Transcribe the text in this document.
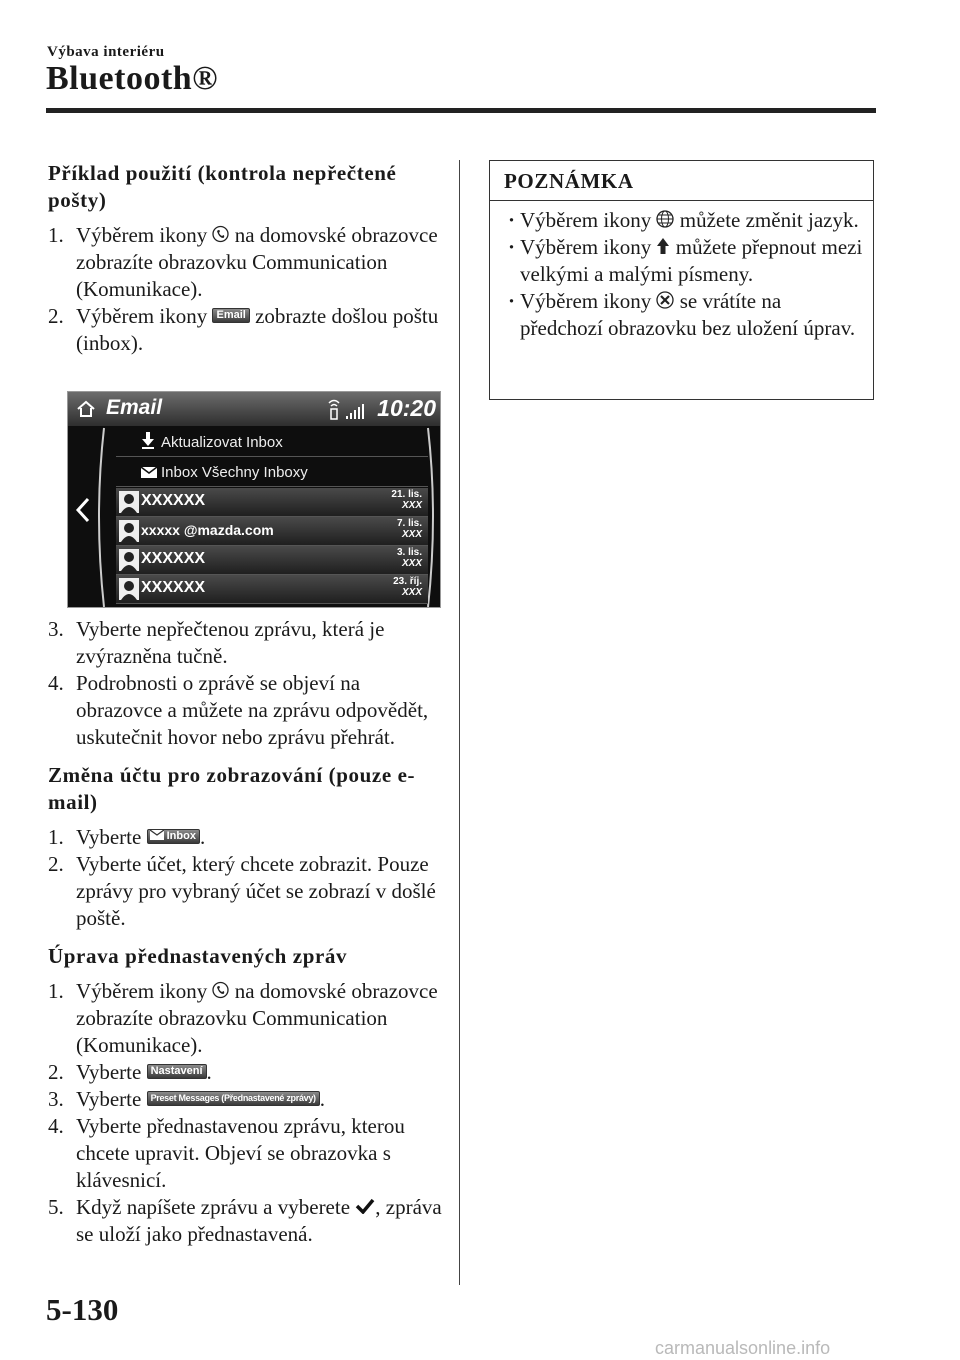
Výbava interiéru
Bluetooth®
Příklad použití (kontrola nepřečtené pošty)
1. Výběrem ikony na domovské obrazovce zobrazíte obrazovku Communication (Komunikace).
2. Výběrem ikony Email zobrazte došlou poštu (inbox).
Email	10:20
Aktualizovat Inbox
Inbox Všechny Inboxy
XXXXXX	21. lis.
XXX
xxxxx @mazda.com	7. lis.
XXX
XXXXXX	3. lis.
XXX
XXXXXX	23. říj.
XXX
3. Vyberte nepřečtenou zprávu, která je zvýrazněna tučně.
4. Podrobnosti o zprávě se objeví na obrazovce a můžete na zprávu odpovědět, uskutečnit hovor nebo zprávu přehrát.
Změna účtu pro zobrazování (pouze e-mail)
1. Vyberte Inbox .
2. Vyberte účet, který chcete zobrazit. Pouze zprávy pro vybraný účet se zobrazí v došlé poště.
Úprava přednastavených zpráv
1. Výběrem ikony na domovské obrazovce zobrazíte obrazovku Communication (Komunikace).
2. Vyberte Nastavení .
3. Vyberte Preset Messages (Přednastavené zprávy) .
4. Vyberte přednastavenou zprávu, kterou chcete upravit. Objeví se obrazovka s klávesnicí.
5. Když napíšete zprávu a vyberete , zpráva se uloží jako přednastavená.
POZNÁMKA
· Výběrem ikony můžete změnit jazyk.
· Výběrem ikony můžete přepnout mezi velkými a malými písmeny.
· Výběrem ikony se vrátíte na předchozí obrazovku bez uložení úprav.
5-130
carmanualsonline.info
